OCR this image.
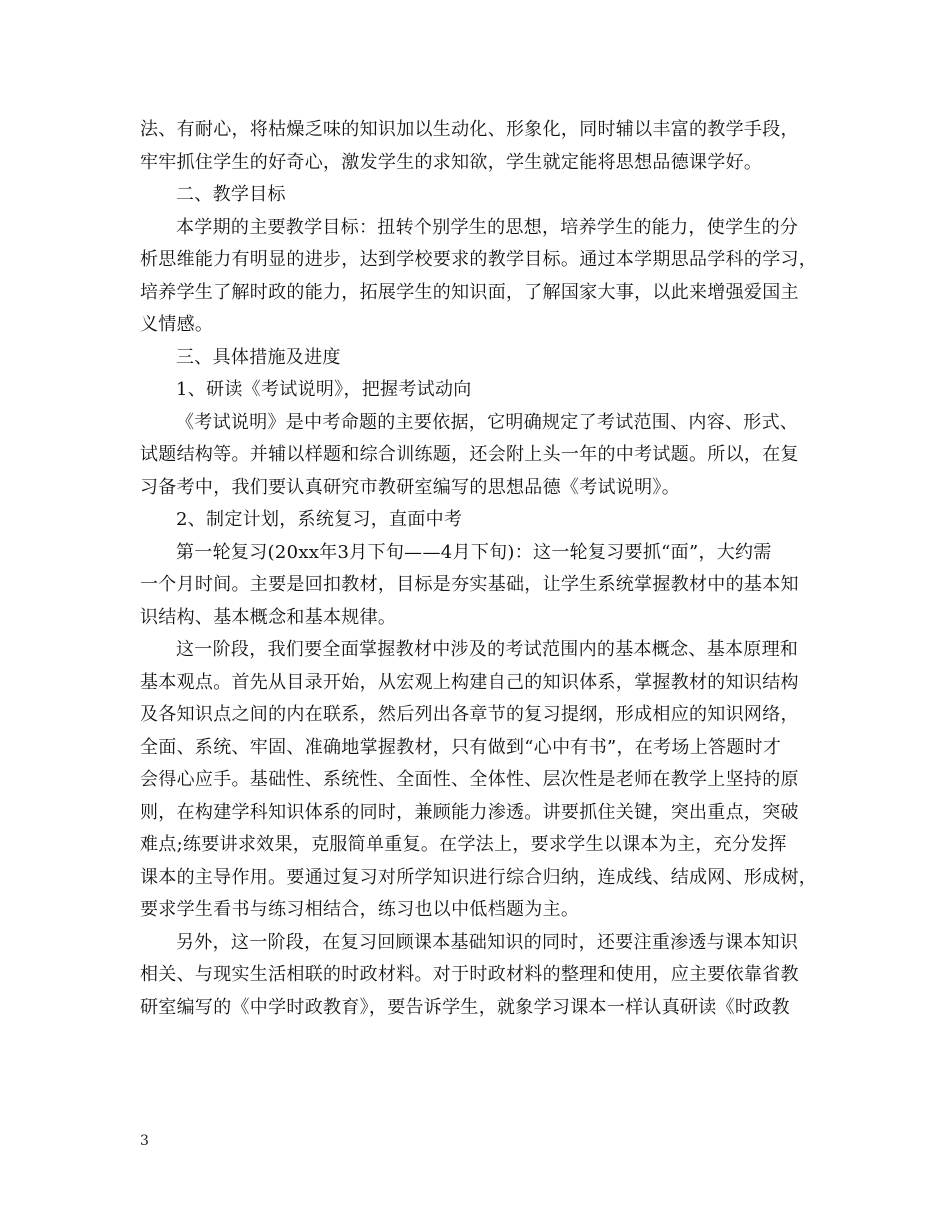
法、有耐心，将枯燥乏味的知识加以生动化、形象化，同时辅以丰富的教学手段，

牢牢抓住学生的好奇心，激发学生的求知欲，学生就定能将思想品德课学好。

二、教学目标

本学期的主要教学目标：扭转个别学生的思想，培养学生的能力，使学生的分

析思维能力有明显的进步，达到学校要求的教学目标。通过本学期思品学科的学习，

培养学生了解时政的能力，拓展学生的知识面，了解国家大事，以此来增强爱国主

义情感。

三、具体措施及进度

1、研读《考试说明》，把握考试动向

《考试说明》是中考命题的主要依据，它明确规定了考试范围、内容、形式、

试题结构等。并辅以样题和综合训练题，还会附上头一年的中考试题。所以，在复

习备考中，我们要认真研究市教研室编写的思想品德《考试说明》。

2、制定计划，系统复习，直面中考

第一轮复习(20xx年3月下旬——4月下旬)：这一轮复习要抓“面”，大约需

一个月时间。主要是回扣教材，目标是夯实基础，让学生系统掌握教材中的基本知

识结构、基本概念和基本规律。

这一阶段，我们要全面掌握教材中涉及的考试范围内的基本概念、基本原理和

基本观点。首先从目录开始，从宏观上构建自己的知识体系，掌握教材的知识结构

及各知识点之间的内在联系，然后列出各章节的复习提纲，形成相应的知识网络，

全面、系统、牢固、准确地掌握教材，只有做到“心中有书”，在考场上答题时才

会得心应手。基础性、系统性、全面性、全体性、层次性是老师在教学上坚持的原

则，在构建学科知识体系的同时，兼顾能力渗透。讲要抓住关键，突出重点，突破

难点;练要讲求效果，克服简单重复。在学法上，要求学生以课本为主，充分发挥

课本的主导作用。要通过复习对所学知识进行综合归纳，连成线、结成网、形成树，

要求学生看书与练习相结合，练习也以中低档题为主。

另外，这一阶段，在复习回顾课本基础知识的同时，还要注重渗透与课本知识

相关、与现实生活相联的时政材料。对于时政材料的整理和使用，应主要依靠省教

研室编写的《中学时政教育》，要告诉学生，就象学习课本一样认真研读《时政教

3
